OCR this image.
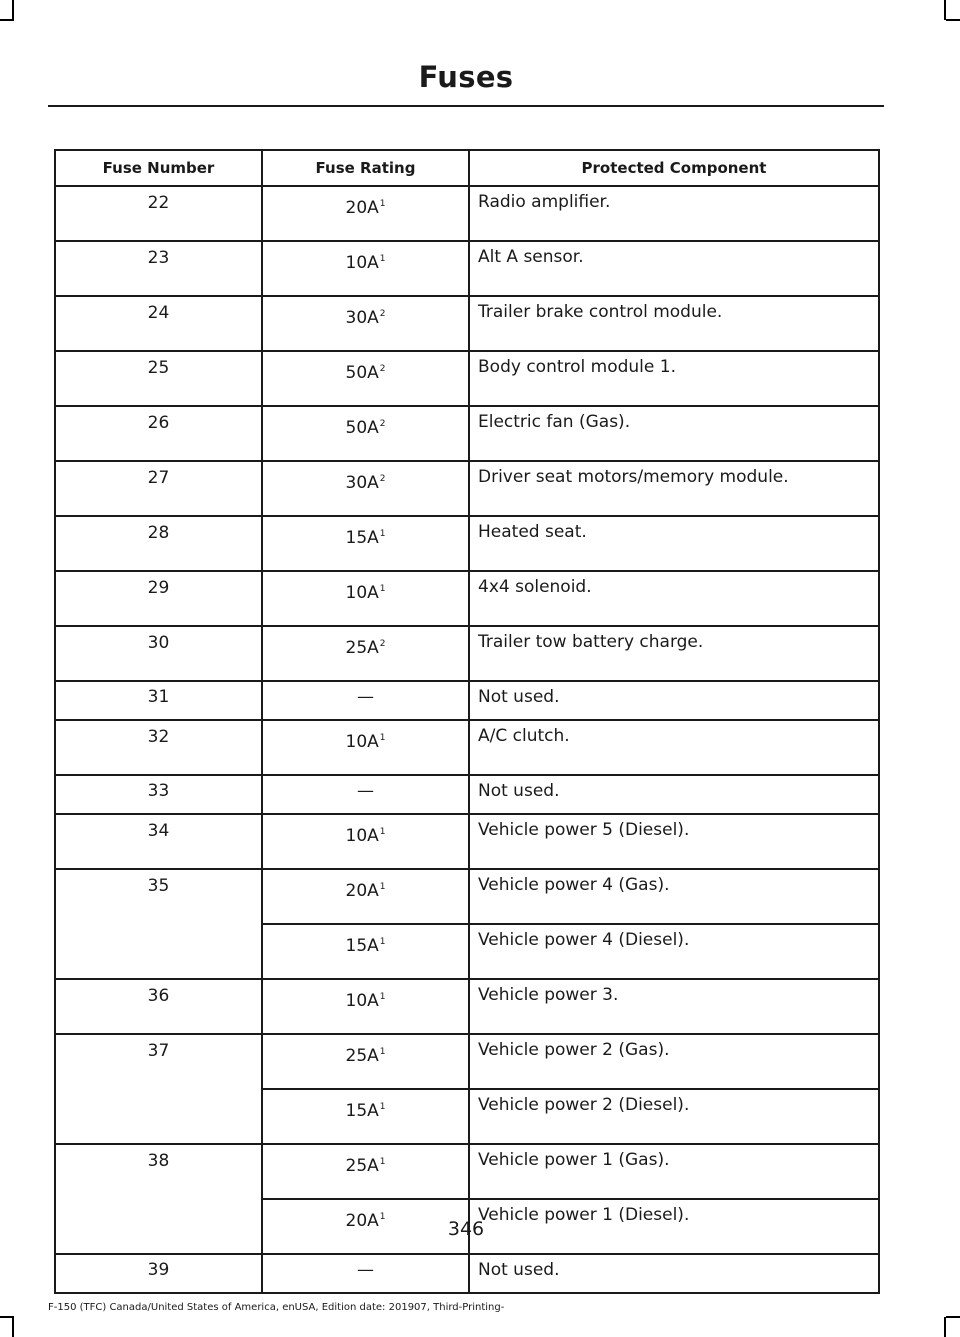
Fuses
Fuse Number	Fuse Rating	Protected Component
22	$20A^1$	Radio amplifier.
23	$10A^1$	Alt A sensor.
24	$30A^2$	Trailer brake control module.
25	$50A^2$	Body control module 1.
26	$50A^2$	Electric fan (Gas).
27	$30A^2$	Driver seat motors/memory module.
28	$15A^1$	Heated seat.
29	$10A^1$	4x4 solenoid.
30	$25A^2$	Trailer tow battery charge.
31	—	Not used.
32	$10A^1$	A/C clutch.
33	—	Not used.
34	$10A^1$	Vehicle power 5 (Diesel).
35	$20A^1$	Vehicle power 4 (Gas).
	$15A^1$	Vehicle power 4 (Diesel).
36	$10A^1$	Vehicle power 3.
37	$25A^1$	Vehicle power 2 (Gas).
	$15A^1$	Vehicle power 2 (Diesel).
38	$25A^1$	Vehicle power 1 (Gas).
	$20A^1$	Vehicle power 1 (Diesel).
39	—	Not used.
346
F-150 (TFC) Canada/United States of America, enUSA, Edition date: 201907, Third-Printing-
